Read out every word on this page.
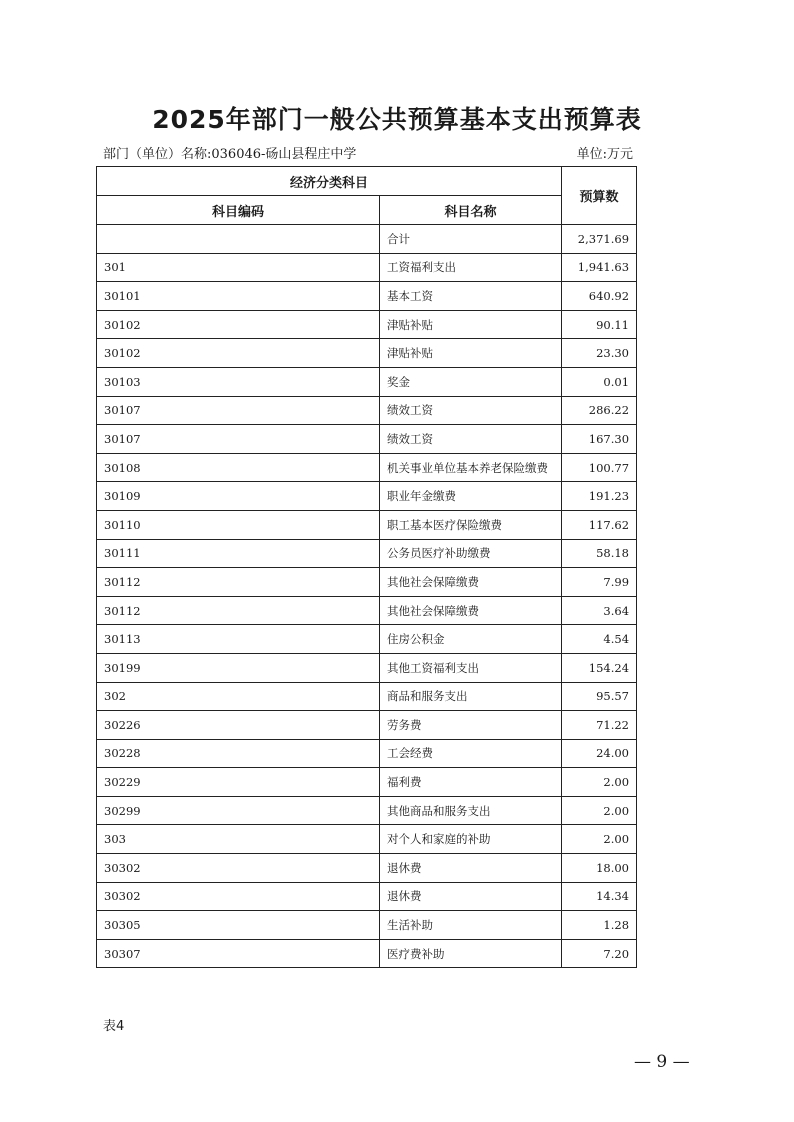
2025年部门一般公共预算基本支出预算表
部门（单位）名称:036046-砀山县程庄中学	单位:万元
经济分类科目		预算数
科目编码	科目名称	
	合计	2,371.69
301	工资福利支出	1,941.63
30101	基本工资	640.92
30102	津贴补贴	90.11
30102	津贴补贴	23.30
30103	奖金	0.01
30107	绩效工资	286.22
30107	绩效工资	167.30
30108	机关事业单位基本养老保险缴费	100.77
30109	职业年金缴费	191.23
30110	职工基本医疗保险缴费	117.62
30111	公务员医疗补助缴费	58.18
30112	其他社会保障缴费	7.99
30112	其他社会保障缴费	3.64
30113	住房公积金	4.54
30199	其他工资福利支出	154.24
302	商品和服务支出	95.57
30226	劳务费	71.22
30228	工会经费	24.00
30229	福利费	2.00
30299	其他商品和服务支出	2.00
303	对个人和家庭的补助	2.00
30302	退休费	18.00
30302	退休费	14.34
30305	生活补助	1.28
30307	医疗费补助	7.20
表4
— 9 —
